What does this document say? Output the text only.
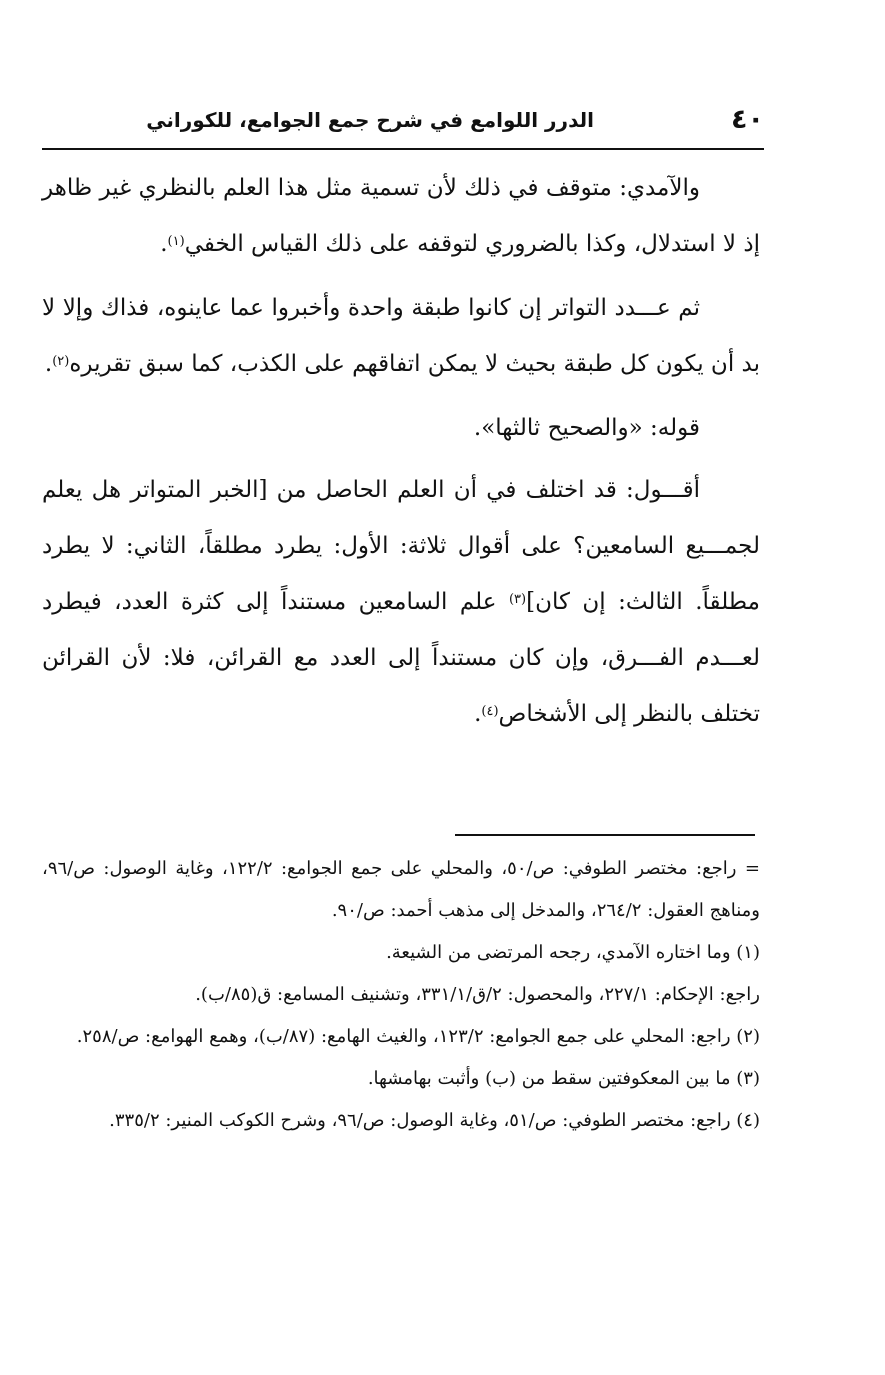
٤٠
الدرر اللوامع في شرح جمع الجوامع، للكوراني

والآمدي: متوقف في ذلك لأن تسمية مثل هذا العلم بالنظري غير ظاهر إذ لا استدلال، وكذا بالضروري لتوقفه على ذلك القياس الخفي$^{(١)}$.

ثم عـــدد التواتر إن كانوا طبقة واحدة وأخبروا عما عاينوه، فذاك وإلا لا بد أن يكون كل طبقة بحيث لا يمكن اتفاقهم على الكذب، كما سبق تقريره$^{(٢)}$.

قوله: «والصحيح ثالثها».

أقـــول: قد اختلف في أن العلم الحاصل من [الخبر المتواتر هل يعلم لجمـــيع السامعين؟ على أقوال ثلاثة: الأول: يطرد مطلقاً، الثاني: لا يطرد مطلقاً. الثالث: إن كان]$^{(٣)}$ علم السامعين مستنداً إلى كثرة العدد، فيطرد لعـــدم الفـــرق، وإن كان مستنداً إلى العدد مع القرائن، فلا: لأن القرائن تختلف بالنظر إلى الأشخاص$^{(٤)}$.

= راجع: مختصر الطوفي: ص/٥٠، والمحلي على جمع الجوامع: ١٢٢/٢، وغاية الوصول: ص/٩٦، ومناهج العقول: ٢٦٤/٢، والمدخل إلى مذهب أحمد: ص/٩٠.

(١) وما اختاره الآمدي، رجحه المرتضى من الشيعة.

راجع: الإحكام: ٢٢٧/١، والمحصول: ٢/ق/٣٣١/١، وتشنيف المسامع: ق(٨٥/ب).

(٢) راجع: المحلي على جمع الجوامع: ١٢٣/٢، والغيث الهامع: (٨٧/ب)، وهمع الهوامع: ص/٢٥٨.

(٣) ما بين المعكوفتين سقط من (ب) وأثبت بهامشها.

(٤) راجع: مختصر الطوفي: ص/٥١، وغاية الوصول: ص/٩٦، وشرح الكوكب المنير: ٣٣٥/٢.
